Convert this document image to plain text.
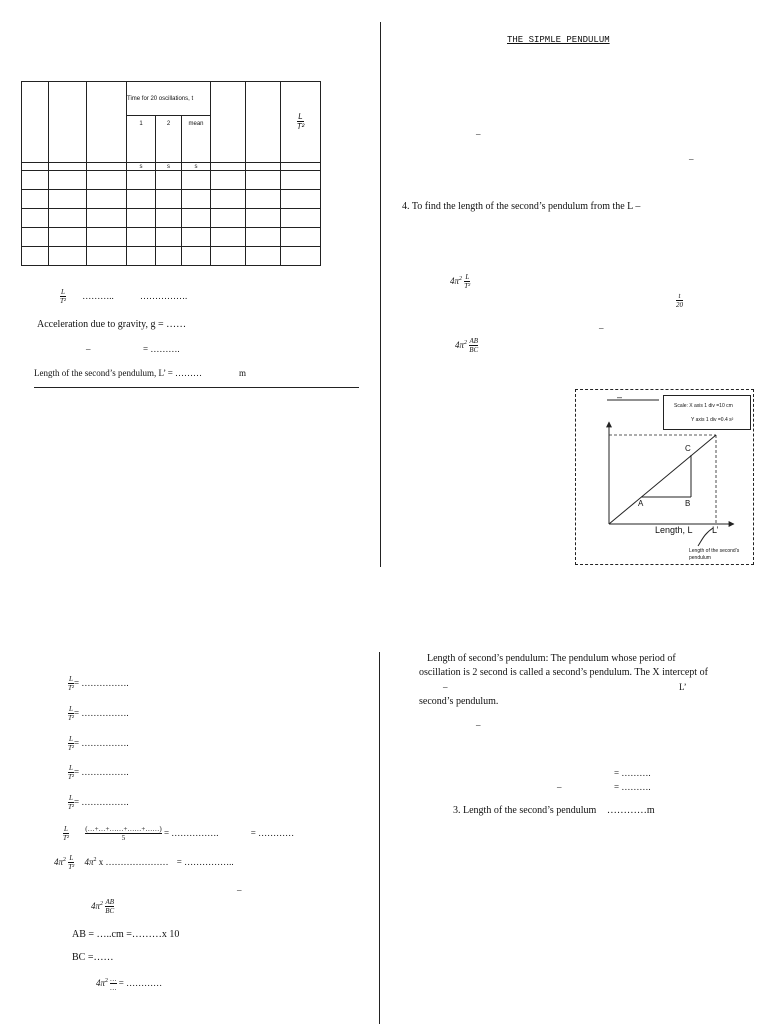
			Time for 20 oscillations, t					$\frac{L}{\text{T²}}$

			1	2	mean			
			s	s	s			

$\frac{L}{\text{T²}}$ ………..	…………….
Acceleration due to gravity, g = ……
–	= ……….
Length of the second’s pendulum, L’ = ………	m
THE SIPMLE PENDULUM
–
–
4. To find the length of the second’s pendulum from the L –
$4\pi^2 \frac{L}{\text{T²}}$
$\frac{t}{20}$
–
$4\pi^2 \frac{AB}{BC}$
–
Scale: X axis 1 div =10 cm
Y axis 1 div =0.4 s²
C
A	B
Length, L L’
Length of the second’s
pendulum
$\frac{L}{\text{T²}}$ = …………….
$\frac{L}{\text{T²}}$ = …………….
$\frac{L}{\text{T²}}$ = …………….
$\frac{L}{\text{T²}}$ = …………….
$\frac{L}{\text{T²}}$ = …………….
$\frac{L}{\text{T²}}$
$\frac{(\dots+\dots+\dots\dots+\dots\dots+\dots\dots)}{5}$ = …………….	= …………
$4\pi^2 \frac{L}{\text{T²}} 4\pi^2$ x ………………… = ……………..
–
$4\pi^2 \frac{AB}{BC}$
AB = …..cm =………x 10
BC =……
$4\pi^2 \frac{\dots}{\dots}$ = …………
Length of second’s pendulum: The pendulum whose period of
oscillation is 2 second is called a second’s pendulum. The X intercept of
–	L’
second’s pendulum.
–
= ……….
–	= ……….
3. Length of the second’s pendulum …………m
